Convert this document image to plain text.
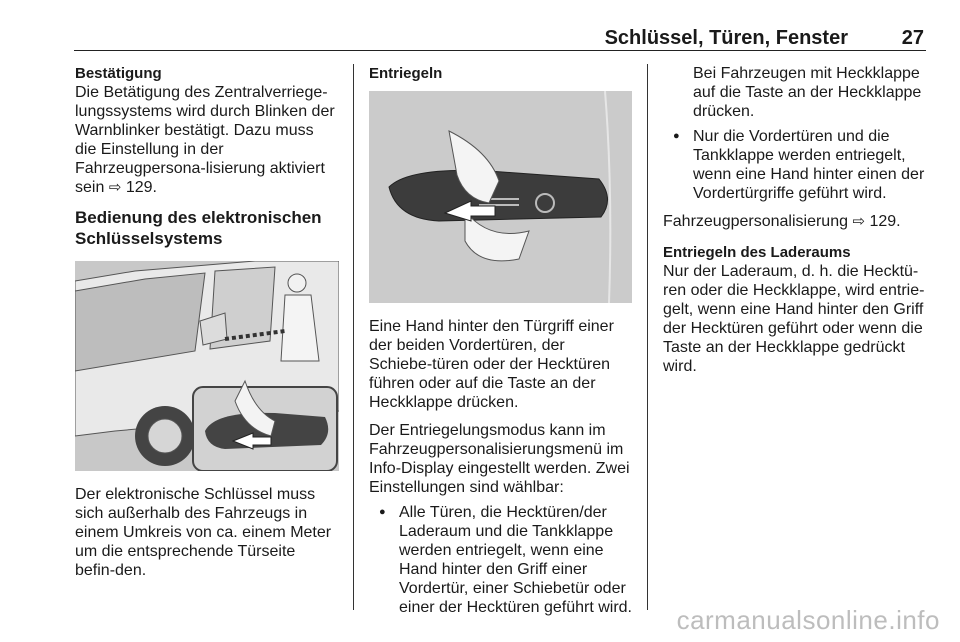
Schlüssel, Türen, Fenster	27

Bestätigung

Die Betätigung des Zentralverriege-lungssystems wird durch Blinken der Warnblinker bestätigt. Dazu muss die Einstellung in der Fahrzeugpersona-lisierung aktiviert sein ⇨ 129.

Bedienung des elektronischen Schlüsselsystems

Der elektronische Schlüssel muss sich außerhalb des Fahrzeugs in einem Umkreis von ca. einem Meter um die entsprechende Türseite befin-den.

Entriegeln

Eine Hand hinter den Türgriff einer der beiden Vordertüren, der Schiebe-türen oder der Hecktüren führen oder auf die Taste an der Heckklappe drücken.

Der Entriegelungsmodus kann im Fahrzeugpersonalisierungsmenü im Info-Display eingestellt werden. Zwei Einstellungen sind wählbar:

● Alle Türen, die Hecktüren/der Laderaum und die Tankklappe werden entriegelt, wenn eine Hand hinter den Griff einer Vordertür, einer Schiebetür oder einer der Hecktüren geführt wird.

Bei Fahrzeugen mit Heckklappe auf die Taste an der Heckklappe drücken.

● Nur die Vordertüren und die Tankklappe werden entriegelt, wenn eine Hand hinter einen der Vordertürgriffe geführt wird.

Fahrzeugpersonalisierung ⇨ 129.

Entriegeln des Laderaums

Nur der Laderaum, d. h. die Hecktü-ren oder die Heckklappe, wird entrie-gelt, wenn eine Hand hinter den Griff der Hecktüren geführt oder wenn die Taste an der Heckklappe gedrückt wird.

carmanualsonline.info
